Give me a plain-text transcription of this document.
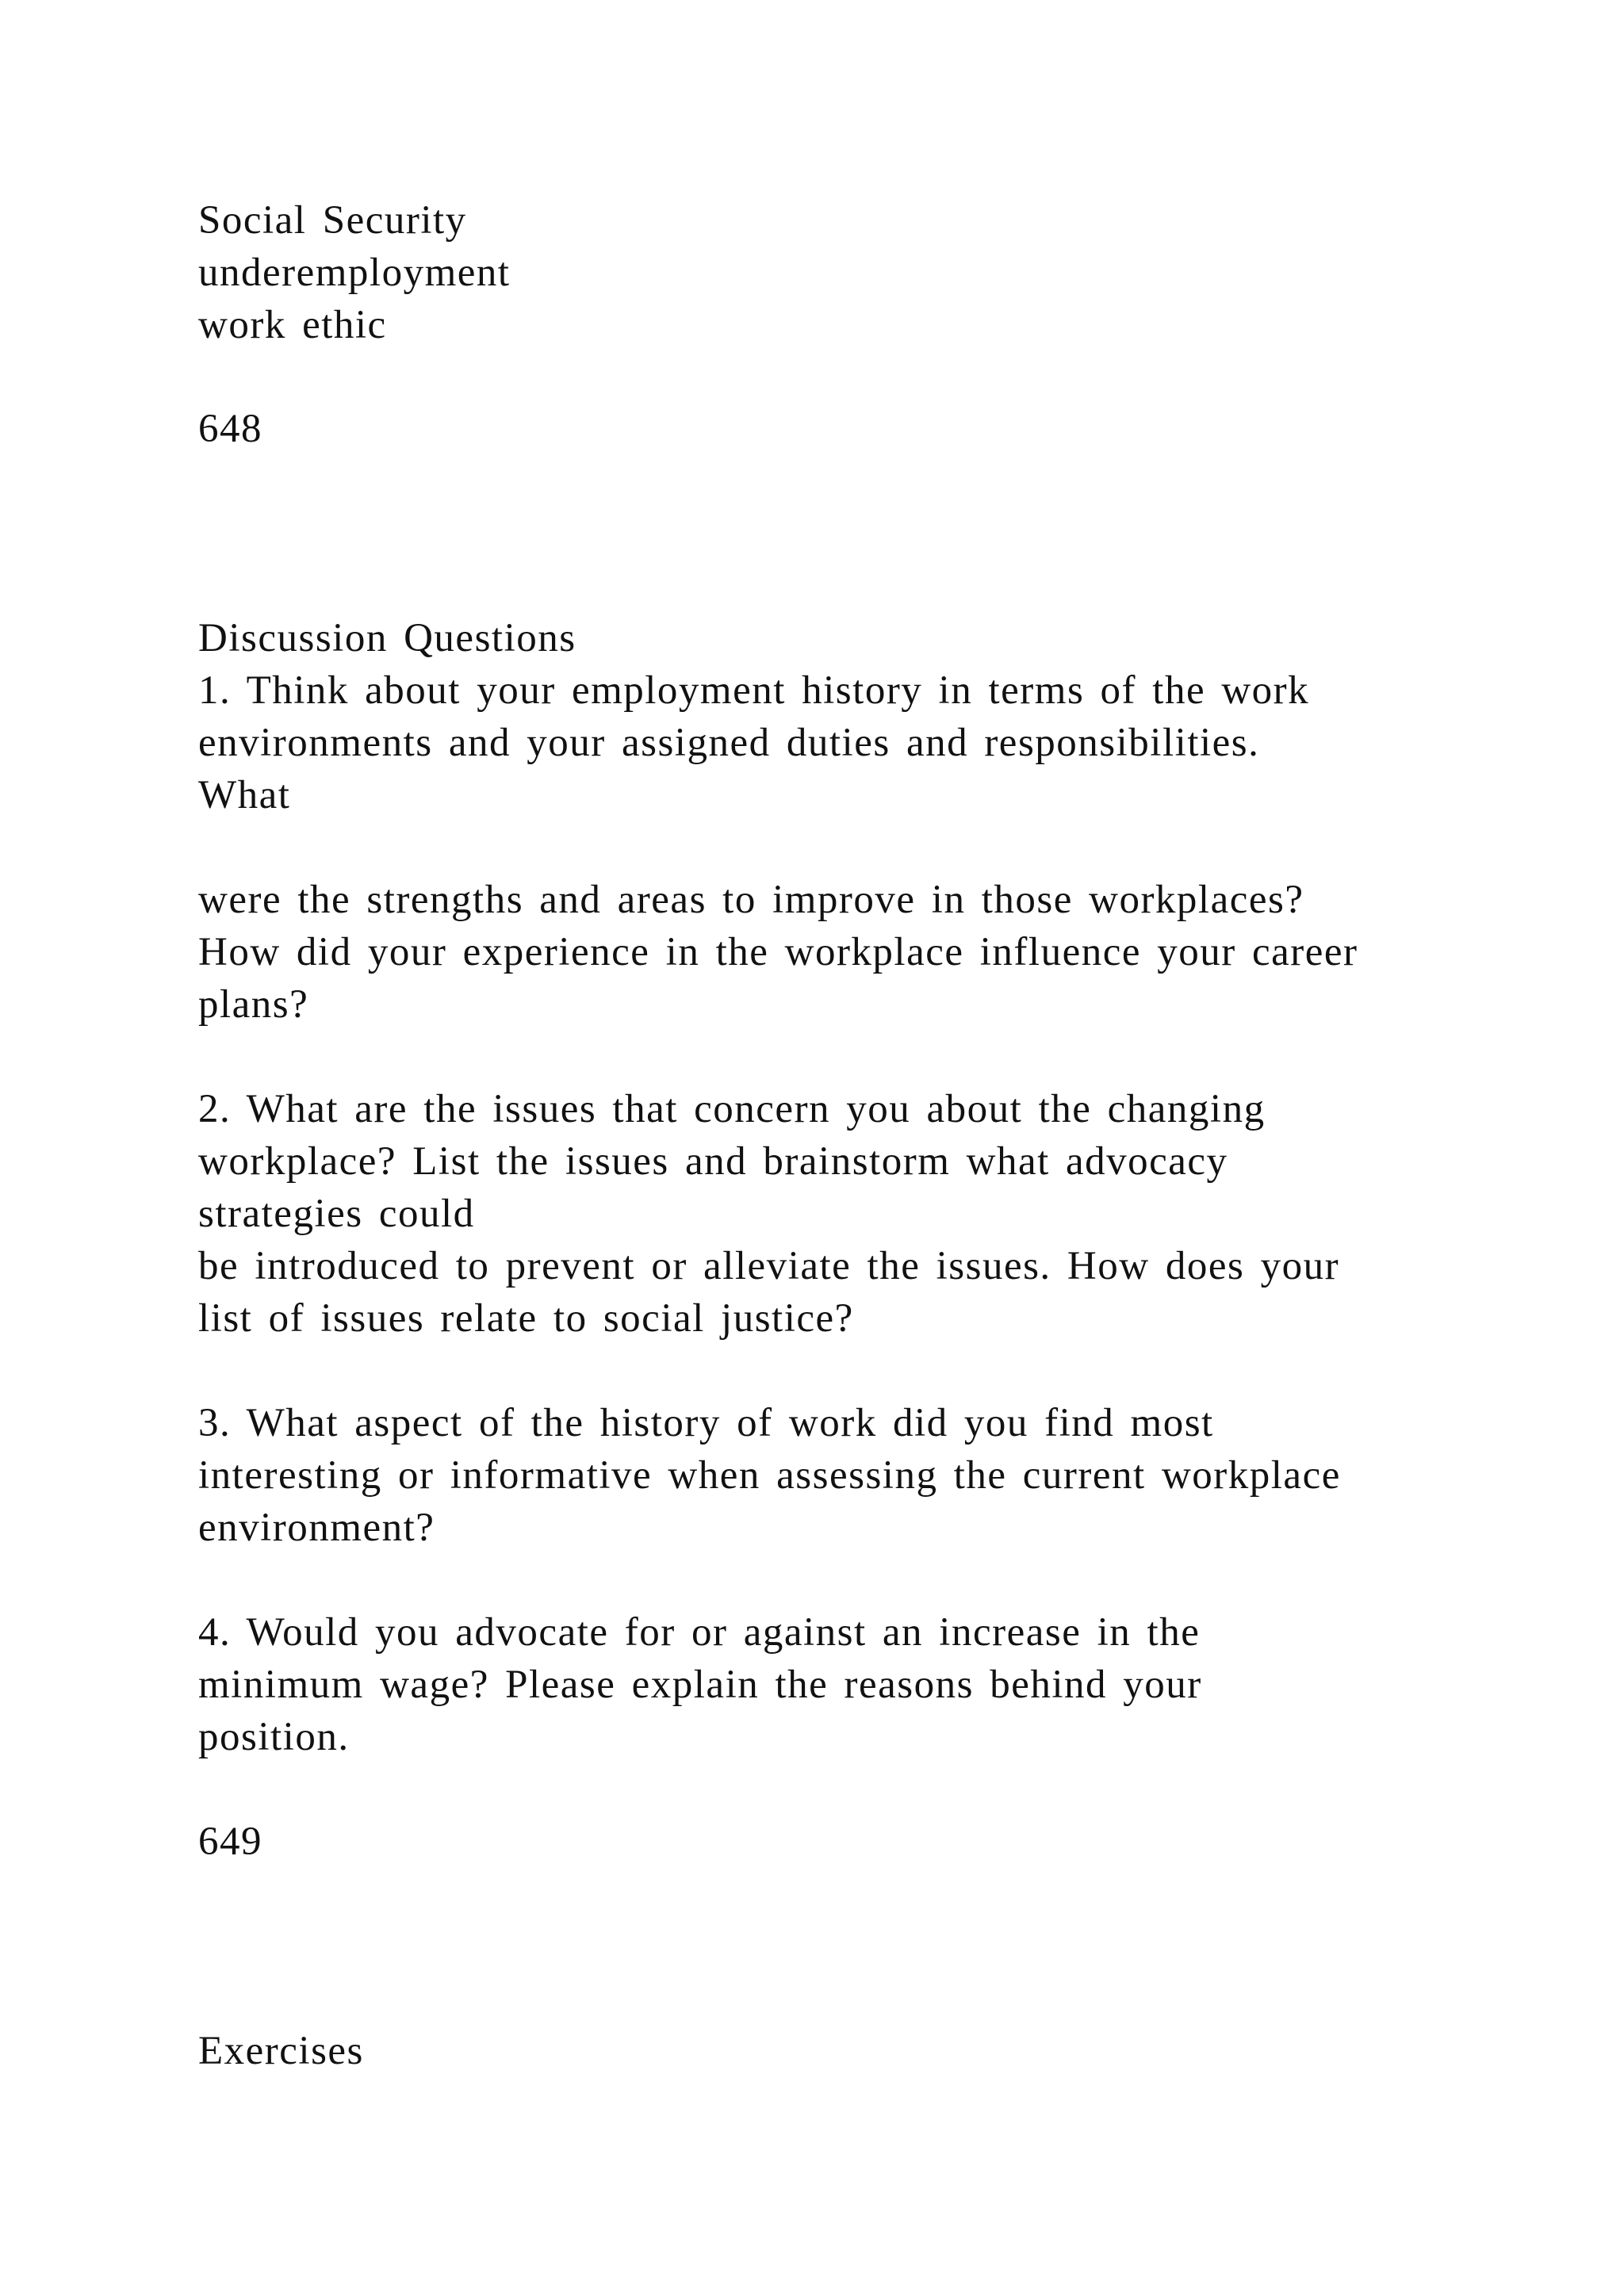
Social Security
underemployment
work ethic
648
Discussion Questions
1. Think about your employment history in terms of the work
environments and your assigned duties and responsibilities.
What
were the strengths and areas to improve in those workplaces?
How did your experience in the workplace influence your career
plans?
2. What are the issues that concern you about the changing
workplace? List the issues and brainstorm what advocacy
strategies could
be introduced to prevent or alleviate the issues. How does your
list of issues relate to social justice?
3. What aspect of the history of work did you find most
interesting or informative when assessing the current workplace
environment?
4. Would you advocate for or against an increase in the
minimum wage? Please explain the reasons behind your
position.
649
Exercises
